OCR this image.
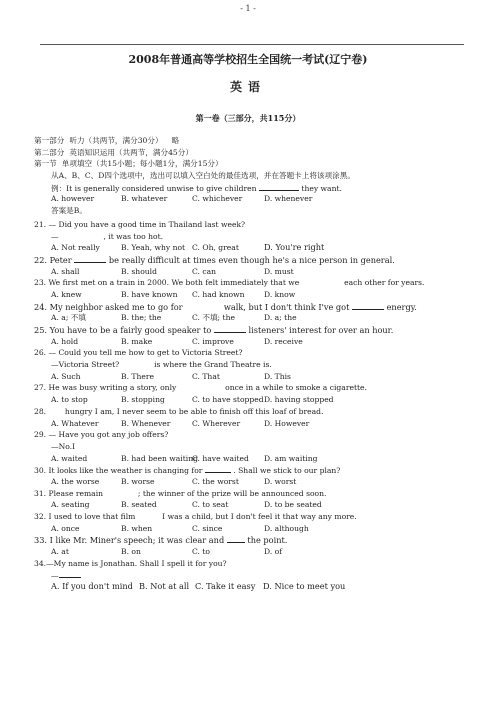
- 1 -
2008年普通高等学校招生全国统一考试(辽宁卷)
英语
第一卷（三部分，共115分）
第一部分 听力（共两节，满分30分） 略
第二部分 英语知识运用（共两节，满分45分）
第一节 单项填空（共15小题；每小题1分，满分15分）
从A、B、C、D四个选项中，选出可以填入空白处的最佳选项，并在答题卡上将该项涂黑。
例：It is generally considered unwise to give children	they want.
A. however	B. whatever	C. whichever	D. whenever
答案是B。
21. — Did you have a good time in Thailand last week?
—	, it was too hot.
A. Not really	B. Yeah, why not C. Oh, great	D. You're right
22. Peter	be really difficult at times even though he's a nice person in general.
A. shall	B. should	C. can	D. must
23. We first met on a train in 2000. We both felt immediately that we	each other for years.
A. knew	B. have known	C. had known	D. know
24. My neighbor asked me to go for	walk, but I don't think I've got	energy.
A. a; 不填	B. the; the	C. 不填; the	D. a; the
25. You have to be a fairly good speaker to	listeners' interest for over an hour.
A. hold	B. make	C. improve	D. receive
26. — Could you tell me how to get to Victoria Street?
—Victoria Street?	is where the Grand Theatre is.
A. Such	B. There	C. That	D. This
27. He was busy writing a story, only	once in a while to smoke a cigarette.
A. to stop	B. stopping	C. to have stopped D. having stopped
28. hungry I am, I never seem to be able to finish off this loaf of bread.
A. Whatever	B. Whenever	C. Wherever	D. However
29. — Have you got any job offers?
—No.I
A. waited	B. had been waiting
C. have waited	D. am waiting
30. It looks like the weather is changing for	. Shall we stick to our plan?
A. the worse	B. worse	C. the worst	D. worst
31. Please remain	; the winner of the prize will be announced soon.
A. seating	B. seated	C. to seat	D. to be seated
32. I used to love that film	I was a child, but I don't feel it that way any more.
A. once	B. when	C. since	D. although
33. I like Mr. Miner's speech; it was clear and	the point.
A. at	B. on	C. to	D. of
34.—My name is Jonathan. Shall I spell it for you?
—
A. If you don't mind B. Not at all C. Take it easy D. Nice to meet you
